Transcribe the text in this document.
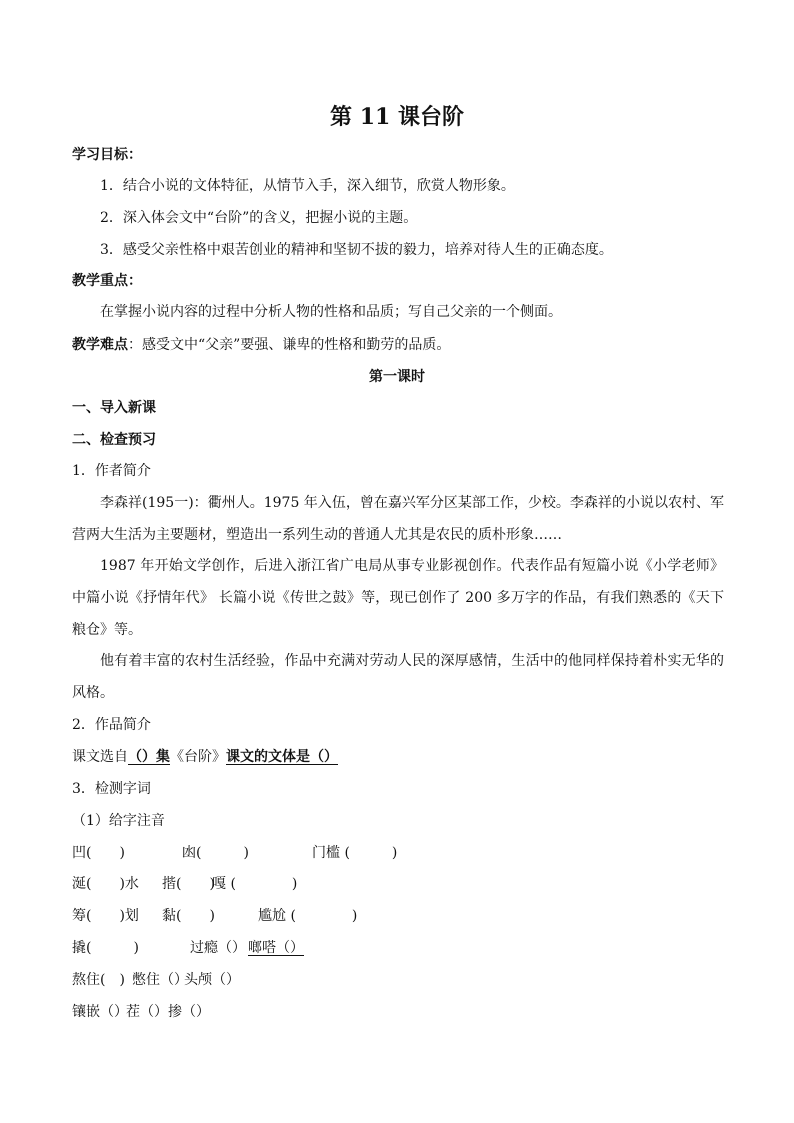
第 11 课台阶
学习目标：
1．结合小说的文体特征，从情节入手，深入细节，欣赏人物形象。
2．深入体会文中“台阶”的含义，把握小说的主题。
3．感受父亲性格中艰苦创业的精神和坚韧不拔的毅力，培养对待人生的正确态度。
教学重点：
在掌握小说内容的过程中分析人物的性格和品质；写自己父亲的一个侧面。
教学难点：感受文中“父亲”要强、谦卑的性格和勤劳的品质。
第一课时
一、导入新课
二、检查预习
1．作者简介
李森祥(195一)：衢州人。1975 年入伍，曾在嘉兴军分区某部工作，少校。李森祥的小说以农村、军营两大生活为主要题材，塑造出一系列生动的普通人尤其是农民的质朴形象……
1987 年开始文学创作，后进入浙江省广电局从事专业影视创作。代表作品有短篇小说《小学老师》 中篇小说《抒情年代》 长篇小说《传世之鼓》等，现已创作了 200 多万字的作品，有我们熟悉的《天下粮仓》等。
他有着丰富的农村生活经验，作品中充满对劳动人民的深厚感情，生活中的他同样保持着朴实无华的风格。
2．作品简介
课文选自（）集《台阶》课文的文体是（）
3．检测字词
（1）给字注音
凹(　　)	凼(　　　)	门槛 (　　　)
涎(　　)水 揩(　　)嘎 (　　　　)
筹(　　)划 黏(　　)	尴尬 (　　　　)
撬(　　　)	过瘾（） 啷嗒（）
熬住(　) 憋住（）头颅（）
镶嵌（）茬（）掺（）
